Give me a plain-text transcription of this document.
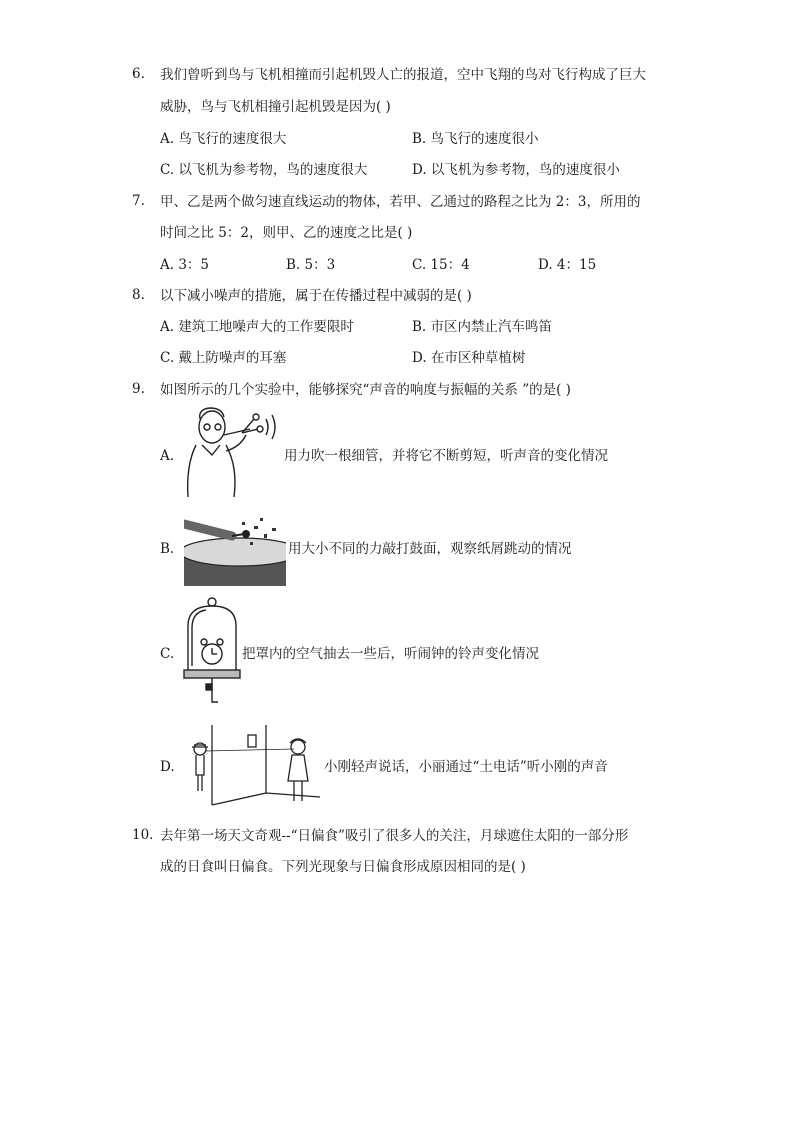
6.	我们曾听到鸟与飞机相撞而引起机毁人亡的报道，空中飞翔的鸟对飞行构成了巨大
威胁，鸟与飞机相撞引起机毁是因为( )
A. 鸟飞行的速度很大	B. 鸟飞行的速度很小
C. 以飞机为参考物，鸟的速度很大	D. 以飞机为参考物，鸟的速度很小
7.	甲、乙是两个做匀速直线运动的物体，若甲、乙通过的路程之比为 2：3，所用的
时间之比 5：2，则甲、乙的速度之比是( )
A. 3：5	B. 5：3	C. 15：4	D. 4：15
8.	以下减小噪声的措施，属于在传播过程中减弱的是( )
A. 建筑工地噪声大的工作要限时	B. 市区内禁止汽车鸣笛
C. 戴上防噪声的耳塞	D. 在市区种草植树
9.	如图所示的几个实验中，能够探究“声音的响度与振幅的关系 ”的是( )
A.	用力吹一根细管，并将它不断剪短，听声音的变化情况
B.	用大小不同的力敲打鼓面，观察纸屑跳动的情况
C.	把罩内的空气抽去一些后，听闹钟的铃声变化情况
D.	小刚轻声说话，小丽通过“土电话”听小刚的声音
10. 去年第一场天文奇观--“日偏食”吸引了很多人的关注，月球遮住太阳的一部分形
成的日食叫日偏食。下列光现象与日偏食形成原因相同的是( )
